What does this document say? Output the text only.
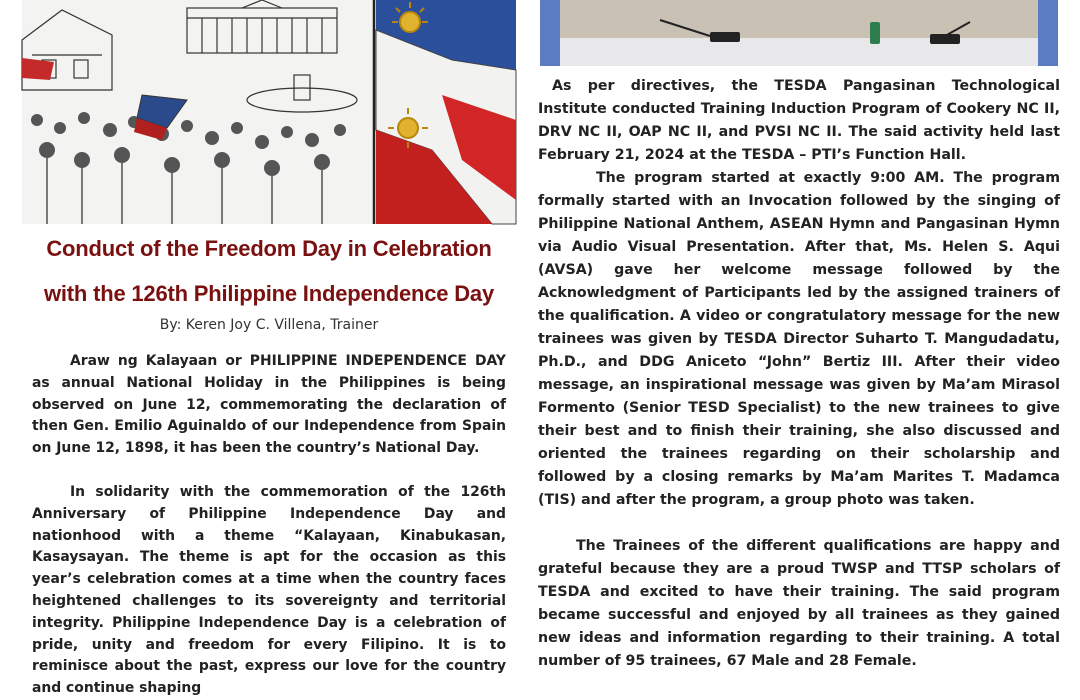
Conduct of the Freedom Day in Celebration
with the 126th Philippine Independence Day
By: Keren Joy C. Villena, Trainer

Araw ng Kalayaan or PHILIPPINE INDEPENDENCE DAY as annual National Holiday in the Philippines is being observed on June 12, commemorating the declaration of then Gen. Emilio Aguinaldo of our Independence from Spain on June 12, 1898, it has been the country’s National Day.

In solidarity with the commemoration of the 126th Anniversary of Philippine Independence Day and nationhood with a theme “Kalayaan, Kinabukasan, Kasaysayan. The theme is apt for the occasion as this year’s celebration comes at a time when the country faces heightened challenges to its sovereignty and territorial integrity. Philippine Independence Day is a celebration of pride, unity and freedom for every Filipino. It is to reminisce about the past, express our love for the country and continue shaping

As per directives, the TESDA Pangasinan Technological Institute conducted Training Induction Program of Cookery NC II, DRV NC II, OAP NC II, and PVSI NC II. The said activity held last February 21, 2024 at the TESDA – PTI’s Function Hall.

The program started at exactly 9:00 AM. The program formally started with an Invocation followed by the singing of Philippine National Anthem, ASEAN Hymn and Pangasinan Hymn via Audio Visual Presentation. After that, Ms. Helen S. Aqui (AVSA) gave her welcome message followed by the Acknowledgment of Participants led by the assigned trainers of the qualification. A video or congratulatory message for the new trainees was given by TESDA Director Suharto T. Mangudadatu, Ph.D., and DDG Aniceto “John” Bertiz III. After their video message, an inspirational message was given by Ma’am Mirasol Formento (Senior TESD Specialist) to the new trainees to give their best and to finish their training, she also discussed and oriented the trainees regarding on their scholarship and followed by a closing remarks by Ma’am Marites T. Madamca (TIS) and after the program, a group photo was taken.

The Trainees of the different qualifications are happy and grateful because they are a proud TWSP and TTSP scholars of TESDA and excited to have their training. The said program became successful and enjoyed by all trainees as they gained new ideas and information regarding to their training. A total number of 95 trainees, 67 Male and 28 Female.
